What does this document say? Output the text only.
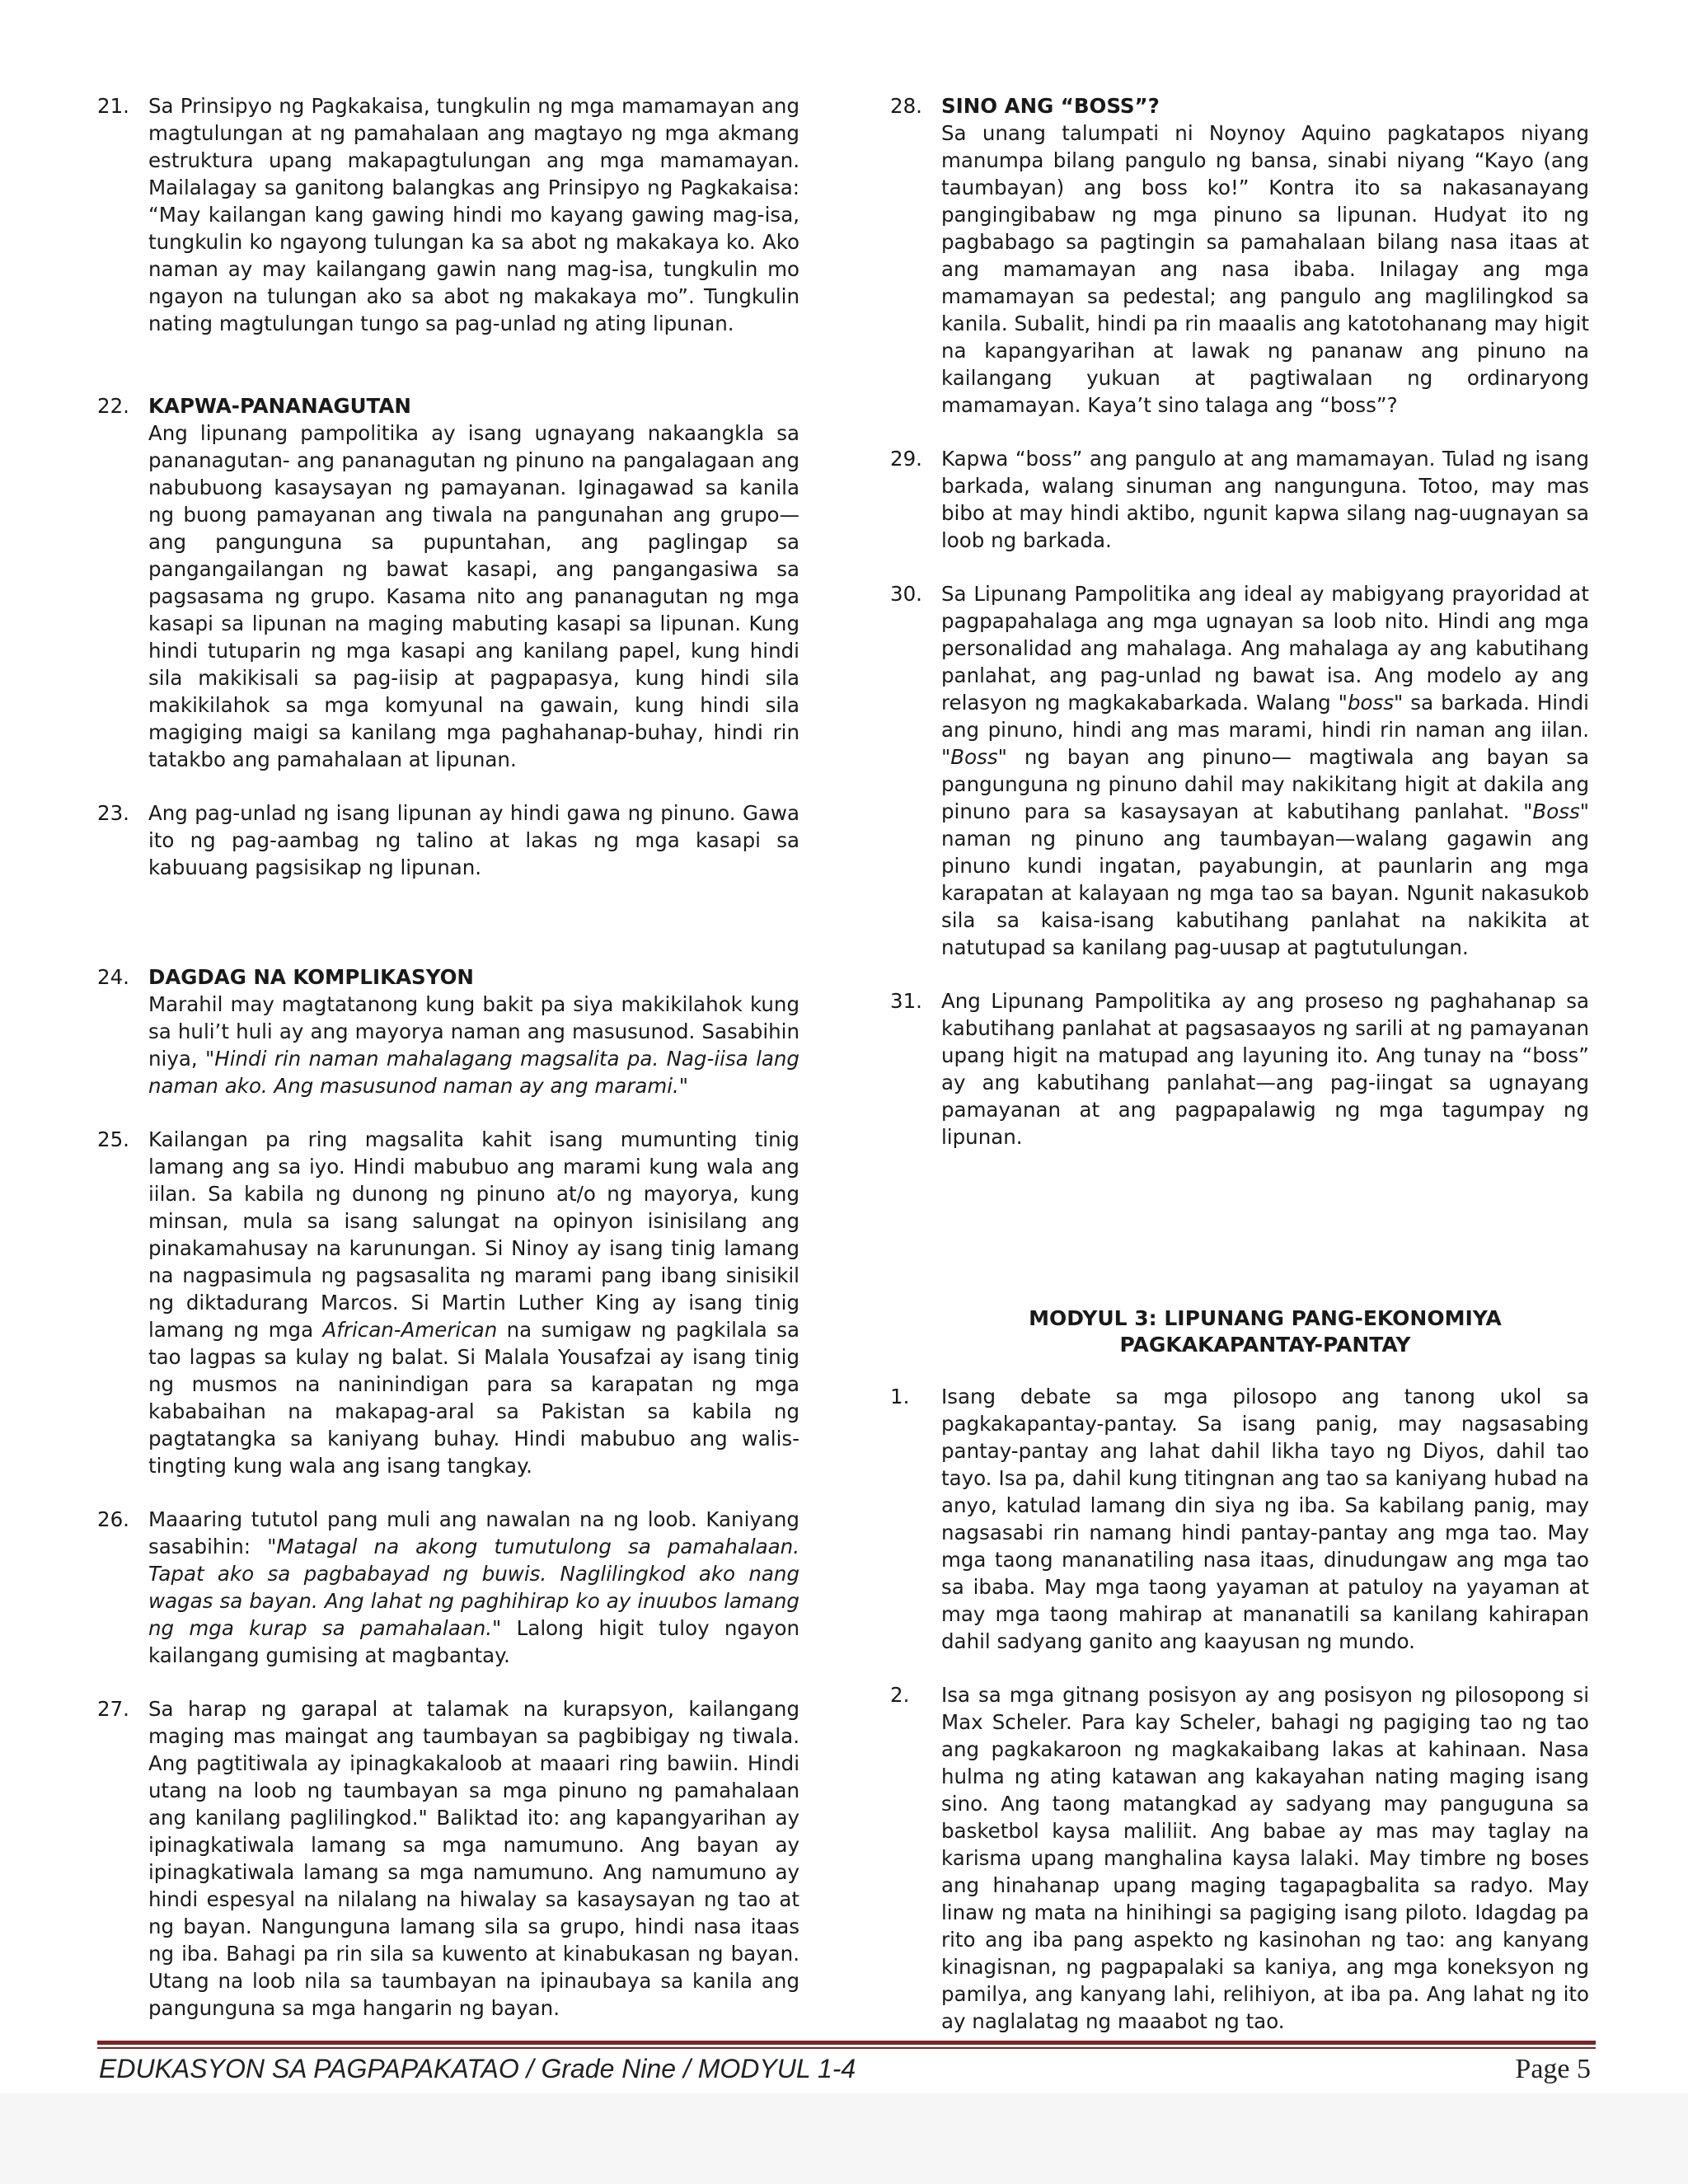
21. Sa Prinsipyo ng Pagkakaisa, tungkulin ng mga mamamayan ang magtulungan at ng pamahalaan ang magtayo ng mga akmang estruktura upang makapagtulungan ang mga mamamayan. Mailalagay sa ganitong balangkas ang Prinsipyo ng Pagkakaisa: “May kailangan kang gawing hindi mo kayang gawing mag-isa, tungkulin ko ngayong tulungan ka sa abot ng makakaya ko. Ako naman ay may kailangang gawin nang mag-isa, tungkulin mo ngayon na tulungan ako sa abot ng makakaya mo”. Tungkulin nating magtulungan tungo sa pag-unlad ng ating lipunan.
22. KAPWA-PANANAGUTAN
Ang lipunang pampolitika ay isang ugnayang nakaangkla sa pananagutan- ang pananagutan ng pinuno na pangalagaan ang nabubuong kasaysayan ng pamayanan. Iginagawad sa kanila ng buong pamayanan ang tiwala na pangunahan ang grupo—ang pangunguna sa pupuntahan, ang paglingap sa pangangailangan ng bawat kasapi, ang pangangasiwa sa pagsasama ng grupo. Kasama nito ang pananagutan ng mga kasapi sa lipunan na maging mabuting kasapi sa lipunan. Kung hindi tutuparin ng mga kasapi ang kanilang papel, kung hindi sila makikisali sa pag-iisip at pagpapasya, kung hindi sila makikilahok sa mga komyunal na gawain, kung hindi sila magiging maigi sa kanilang mga paghahanap-buhay, hindi rin tatakbo ang pamahalaan at lipunan.
23. Ang pag-unlad ng isang lipunan ay hindi gawa ng pinuno. Gawa ito ng pag-aambag ng talino at lakas ng mga kasapi sa kabuuang pagsisikap ng lipunan.
24. DAGDAG NA KOMPLIKASYON
Marahil may magtatanong kung bakit pa siya makikilahok kung sa huli’t huli ay ang mayorya naman ang masusunod. Sasabihin niya, "Hindi rin naman mahalagang magsalita pa. Nag-iisa lang naman ako. Ang masusunod naman ay ang marami."
25. Kailangan pa ring magsalita kahit isang mumunting tinig lamang ang sa iyo. Hindi mabubuo ang marami kung wala ang iilan. Sa kabila ng dunong ng pinuno at/o ng mayorya, kung minsan, mula sa isang salungat na opinyon isinisilang ang pinakamahusay na karunungan. Si Ninoy ay isang tinig lamang na nagpasimula ng pagsasalita ng marami pang ibang sinisikil ng diktadurang Marcos. Si Martin Luther King ay isang tinig lamang ng mga African-American na sumigaw ng pagkilala sa tao lagpas sa kulay ng balat. Si Malala Yousafzai ay isang tinig ng musmos na naninindigan para sa karapatan ng mga kababaihan na makapag-aral sa Pakistan sa kabila ng pagtatangka sa kaniyang buhay. Hindi mabubuo ang walis-tingting kung wala ang isang tangkay.
26. Maaaring tututol pang muli ang nawalan na ng loob. Kaniyang sasabihin: "Matagal na akong tumutulong sa pamahalaan. Tapat ako sa pagbabayad ng buwis. Naglilingkod ako nang wagas sa bayan. Ang lahat ng paghihirap ko ay inuubos lamang ng mga kurap sa pamahalaan." Lalong higit tuloy ngayon kailangang gumising at magbantay.
27. Sa harap ng garapal at talamak na kurapsyon, kailangang maging mas maingat ang taumbayan sa pagbibigay ng tiwala. Ang pagtitiwala ay ipinagkakaloob at maaari ring bawiin. Hindi utang na loob ng taumbayan sa mga pinuno ng pamahalaan ang kanilang paglilingkod." Baliktad ito: ang kapangyarihan ay ipinagkatiwala lamang sa mga namumuno. Ang bayan ay ipinagkatiwala lamang sa mga namumuno. Ang namumuno ay hindi espesyal na nilalang na hiwalay sa kasaysayan ng tao at ng bayan. Nangunguna lamang sila sa grupo, hindi nasa itaas ng iba. Bahagi pa rin sila sa kuwento at kinabukasan ng bayan. Utang na loob nila sa taumbayan na ipinaubaya sa kanila ang pangunguna sa mga hangarin ng bayan.
28. SINO ANG “BOSS”?
Sa unang talumpati ni Noynoy Aquino pagkatapos niyang manumpa bilang pangulo ng bansa, sinabi niyang “Kayo (ang taumbayan) ang boss ko!” Kontra ito sa nakasanayang pangingibabaw ng mga pinuno sa lipunan. Hudyat ito ng pagbabago sa pagtingin sa pamahalaan bilang nasa itaas at ang mamamayan ang nasa ibaba. Inilagay ang mga mamamayan sa pedestal; ang pangulo ang maglilingkod sa kanila. Subalit, hindi pa rin maaalis ang katotohanang may higit na kapangyarihan at lawak ng pananaw ang pinuno na kailangang yukuan at pagtiwalaan ng ordinaryong mamamayan. Kaya’t sino talaga ang “boss”?
29. Kapwa “boss” ang pangulo at ang mamamayan. Tulad ng isang barkada, walang sinuman ang nangunguna. Totoo, may mas bibo at may hindi aktibo, ngunit kapwa silang nag-uugnayan sa loob ng barkada.
30. Sa Lipunang Pampolitika ang ideal ay mabigyang prayoridad at pagpapahalaga ang mga ugnayan sa loob nito. Hindi ang mga personalidad ang mahalaga. Ang mahalaga ay ang kabutihang panlahat, ang pag-unlad ng bawat isa. Ang modelo ay ang relasyon ng magkakabarkada. Walang "boss" sa barkada. Hindi ang pinuno, hindi ang mas marami, hindi rin naman ang iilan. "Boss" ng bayan ang pinuno— magtiwala ang bayan sa pangunguna ng pinuno dahil may nakikitang higit at dakila ang pinuno para sa kasaysayan at kabutihang panlahat. "Boss" naman ng pinuno ang taumbayan—walang gagawin ang pinuno kundi ingatan, payabungin, at paunlarin ang mga karapatan at kalayaan ng mga tao sa bayan. Ngunit nakasukob sila sa kaisa-isang kabutihang panlahat na nakikita at natutupad sa kanilang pag-uusap at pagtutulungan.
31. Ang Lipunang Pampolitika ay ang proseso ng paghahanap sa kabutihang panlahat at pagsasaayos ng sarili at ng pamayanan upang higit na matupad ang layuning ito. Ang tunay na “boss” ay ang kabutihang panlahat—ang pag-iingat sa ugnayang pamayanan at ang pagpapalawig ng mga tagumpay ng lipunan.
MODYUL 3: LIPUNANG PANG-EKONOMIYA
PAGKAKAPANTAY-PANTAY
1. Isang debate sa mga pilosopo ang tanong ukol sa pagkakapantay-pantay. Sa isang panig, may nagsasabing pantay-pantay ang lahat dahil likha tayo ng Diyos, dahil tao tayo. Isa pa, dahil kung titingnan ang tao sa kaniyang hubad na anyo, katulad lamang din siya ng iba. Sa kabilang panig, may nagsasabi rin namang hindi pantay-pantay ang mga tao. May mga taong mananatiling nasa itaas, dinudungaw ang mga tao sa ibaba. May mga taong yayaman at patuloy na yayaman at may mga taong mahirap at mananatili sa kanilang kahirapan dahil sadyang ganito ang kaayusan ng mundo.
2. Isa sa mga gitnang posisyon ay ang posisyon ng pilosopong si Max Scheler. Para kay Scheler, bahagi ng pagiging tao ng tao ang pagkakaroon ng magkakaibang lakas at kahinaan. Nasa hulma ng ating katawan ang kakayahan nating maging isang sino. Ang taong matangkad ay sadyang may panguguna sa basketbol kaysa maliliit. Ang babae ay mas may taglay na karisma upang manghalina kaysa lalaki. May timbre ng boses ang hinahanap upang maging tagapagbalita sa radyo. May linaw ng mata na hinihingi sa pagiging isang piloto. Idagdag pa rito ang iba pang aspekto ng kasinohan ng tao: ang kanyang kinagisnan, ng pagpapalaki sa kaniya, ang mga koneksyon ng pamilya, ang kanyang lahi, relihiyon, at iba pa. Ang lahat ng ito ay naglalatag ng maaabot ng tao.
EDUKASYON SA PAGPAPAKATAO / Grade Nine / MODYUL 1-4	Page 5
